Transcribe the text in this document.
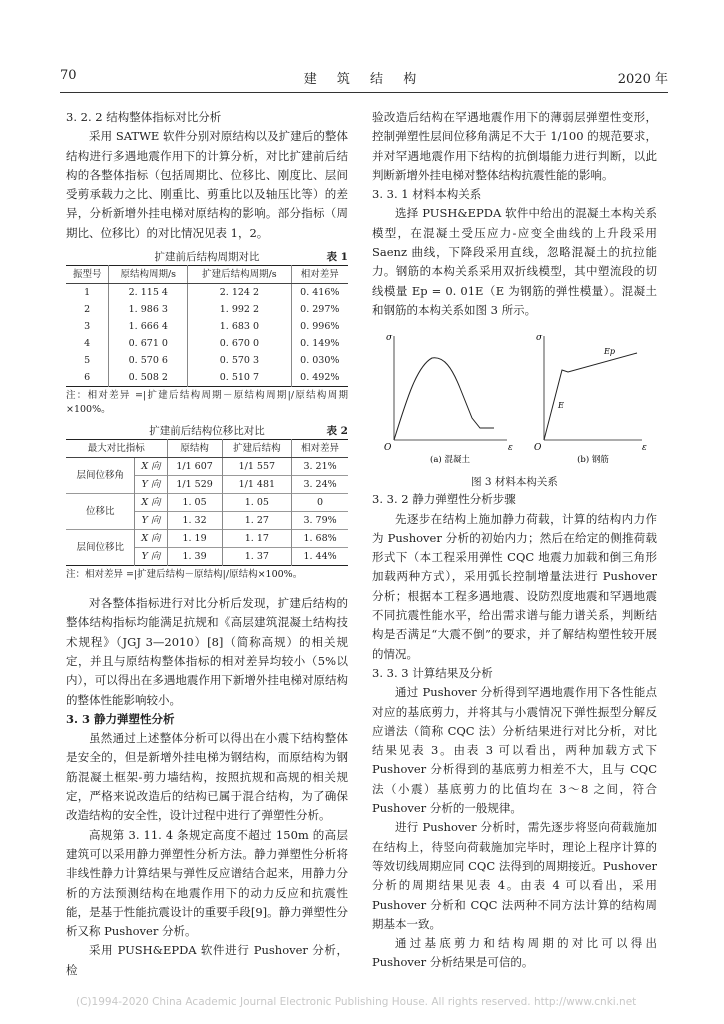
70	建 筑 结 构	2020 年

3. 2. 2 结构整体指标对比分析

采用 SATWE 软件分别对原结构以及扩建后的整体结构进行多遇地震作用下的计算分析，对比扩建前后结构的各整体指标（包括周期比、位移比、刚度比、层间受剪承载力之比、刚重比、剪重比以及轴压比等）的差异，分析新增外挂电梯对原结构的影响。部分指标（周期比、位移比）的对比情况见表 1，2。

扩建前后结构周期对比	表 1
振型号	原结构周期/s	扩建后结构周期/s	相对差异
1	2. 115 4	2. 124 2	0. 416%
2	1. 986 3	1. 992 2	0. 297%
3	1. 666 4	1. 683 0	0. 996%
4	0. 671 0	0. 670 0	0. 149%
5	0. 570 6	0. 570 3	0. 030%
6	0. 508 2	0. 510 7	0. 492%

注：相对差异 =|扩建后结构周期－原结构周期|/原结构周期×100%。

扩建前后结构位移比对比	表 2
最大对比指标		原结构	扩建后结构	相对差异
层间位移角	X 向	1/1 607	1/1 557	3. 21%
	Y 向	1/1 529	1/1 481	3. 24%
位移比	X 向	1. 05	1. 05	0
	Y 向	1. 32	1. 27	3. 79%
层间位移比	X 向	1. 19	1. 17	1. 68%
	Y 向	1. 39	1. 37	1. 44%

注：相对差异 =|扩建后结构－原结构|/原结构×100%。

对各整体指标进行对比分析后发现，扩建后结构的整体结构指标均能满足抗规和《高层建筑混凝土结构技术规程》（JGJ 3—2010）[8]（简称高规）的相关规定，并且与原结构整体指标的相对差异均较小（5%以内），可以得出在多遇地震作用下新增外挂电梯对原结构的整体性能影响较小。

3. 3 静力弹塑性分析

虽然通过上述整体分析可以得出在小震下结构整体是安全的，但是新增外挂电梯为钢结构，而原结构为钢筋混凝土框架-剪力墙结构，按照抗规和高规的相关规定，严格来说改造后的结构已属于混合结构，为了确保改造结构的安全性，设计过程中进行了弹塑性分析。

高规第 3. 11. 4 条规定高度不超过 150m 的高层建筑可以采用静力弹塑性分析方法。静力弹塑性分析将非线性静力计算结果与弹性反应谱结合起来，用静力分析的方法预测结构在地震作用下的动力反应和抗震性能，是基于性能抗震设计的重要手段[9]。静力弹塑性分析又称 Pushover 分析。

采用 PUSH&EPDA 软件进行 Pushover 分析，检

验改造后结构在罕遇地震作用下的薄弱层弹塑性变形，控制弹塑性层间位移角满足不大于 1/100 的规范要求，并对罕遇地震作用下结构的抗倒塌能力进行判断，以此判断新增外挂电梯对整体结构抗震性能的影响。

3. 3. 1 材料本构关系

选择 PUSH&EPDA 软件中给出的混凝土本构关系模型，在混凝土受压应力-应变全曲线的上升段采用 Saenz 曲线，下降段采用直线，忽略混凝土的抗拉能力。钢筋的本构关系采用双折线模型，其中塑流段的切线模量 Ep = 0. 01E（E 为钢筋的弹性模量）。混凝土和钢筋的本构关系如图 3 所示。

σ
ε
O
σ
ε
O
Ep
E
(a) 混凝土	(b) 钢筋
图 3 材料本构关系

3. 3. 2 静力弹塑性分析步骤

先逐步在结构上施加静力荷载，计算的结构内力作为 Pushover 分析的初始内力；然后在给定的侧推荷载形式下（本工程采用弹性 CQC 地震力加载和倒三角形加载两种方式），采用弧长控制增量法进行 Pushover 分析；根据本工程多遇地震、设防烈度地震和罕遇地震不同抗震性能水平，给出需求谱与能力谱关系，判断结构是否满足“大震不倒”的要求，并了解结构塑性较开展的情况。

3. 3. 3 计算结果及分析

通过 Pushover 分析得到罕遇地震作用下各性能点对应的基底剪力，并将其与小震情况下弹性振型分解反应谱法（简称 CQC 法）分析结果进行对比分析，对比结果见表 3。由表 3 可以看出，两种加载方式下 Pushover 分析得到的基底剪力相差不大，且与 CQC 法（小震）基底剪力的比值均在 3～8 之间，符合 Pushover 分析的一般规律。

进行 Pushover 分析时，需先逐步将竖向荷载施加在结构上，待竖向荷载施加完毕时，理论上程序计算的等效切线周期应同 CQC 法得到的周期接近。Pushover 分析的周期结果见表 4。由表 4 可以看出，采用 Pushover 分析和 CQC 法两种不同方法计算的结构周期基本一致。

通过基底剪力和结构周期的对比可以得出 Pushover 分析结果是可信的。

(C)1994-2020 China Academic Journal Electronic Publishing House. All rights reserved. http://www.cnki.net
